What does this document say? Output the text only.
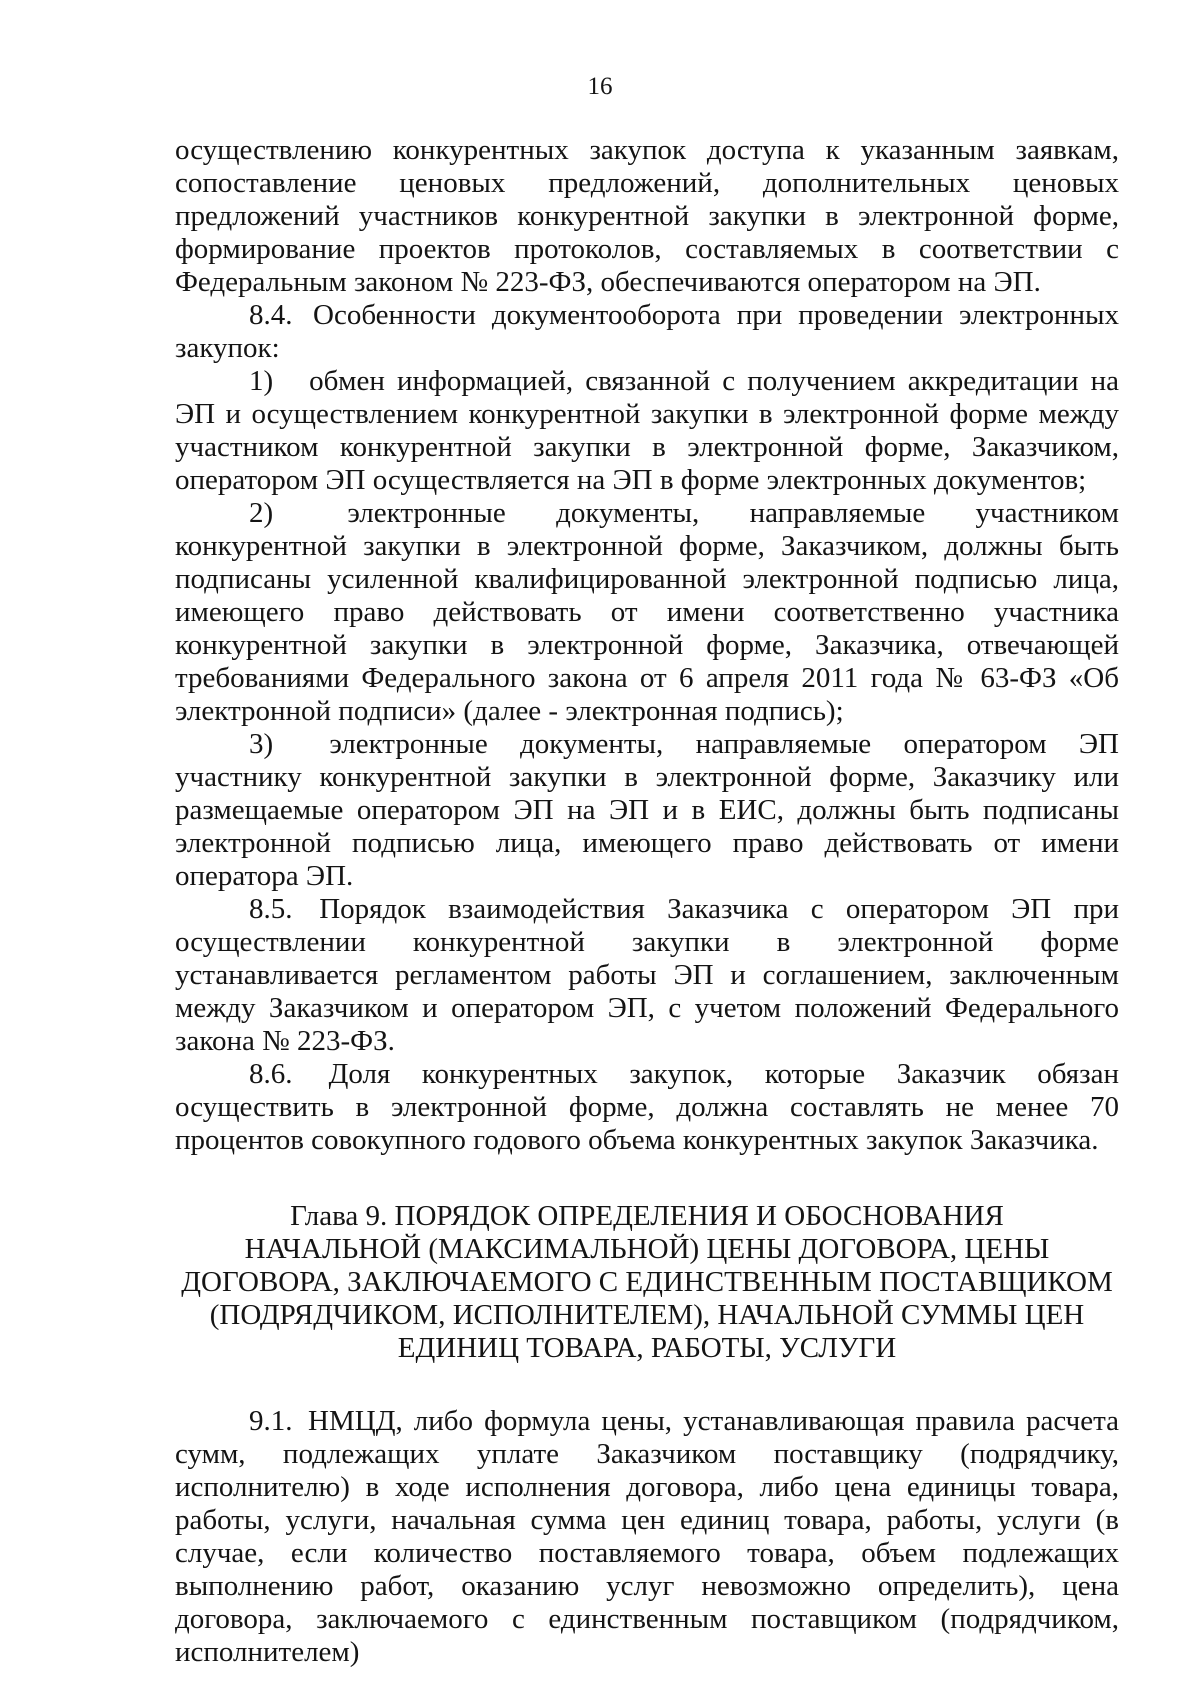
16

осуществлению конкурентных закупок доступа к указанным заявкам, сопоставление ценовых предложений, дополнительных ценовых предложений участников конкурентной закупки в электронной форме, формирование проектов протоколов, составляемых в соответствии с Федеральным законом № 223-ФЗ, обеспечиваются оператором на ЭП.

8.4. Особенности документооборота при проведении электронных закупок:

1) обмен информацией, связанной с получением аккредитации на ЭП и осуществлением конкурентной закупки в электронной форме между участником конкурентной закупки в электронной форме, Заказчиком, оператором ЭП осуществляется на ЭП в форме электронных документов;

2)	электронные документы, направляемые участником конкурентной закупки в электронной форме, Заказчиком, должны быть подписаны усиленной квалифицированной электронной подписью лица, имеющего право действовать от имени соответственно участника конкурентной закупки в электронной форме, Заказчика, отвечающей требованиями Федерального закона от 6 апреля 2011 года № 63-ФЗ «Об электронной подписи» (далее - электронная подпись);

3) электронные документы, направляемые оператором ЭП участнику конкурентной закупки в электронной форме, Заказчику или размещаемые оператором ЭП на ЭП и в ЕИС, должны быть подписаны электронной подписью лица, имеющего право действовать от имени оператора ЭП.

8.5. Порядок взаимодействия Заказчика с оператором ЭП при осуществлении конкурентной закупки в электронной форме устанавливается регламентом работы ЭП и соглашением, заключенным между Заказчиком и оператором ЭП, с учетом положений Федерального закона № 223-ФЗ.

8.6. Доля конкурентных закупок, которые Заказчик обязан осуществить в электронной форме, должна составлять не менее 70 процентов совокупного годового объема конкурентных закупок Заказчика.

Глава 9. ПОРЯДОК ОПРЕДЕЛЕНИЯ И ОБОСНОВАНИЯ
НАЧАЛЬНОЙ (МАКСИМАЛЬНОЙ) ЦЕНЫ ДОГОВОРА, ЦЕНЫ
ДОГОВОРА, ЗАКЛЮЧАЕМОГО С ЕДИНСТВЕННЫМ ПОСТАВЩИКОМ
(ПОДРЯДЧИКОМ, ИСПОЛНИТЕЛЕМ), НАЧАЛЬНОЙ СУММЫ ЦЕН
ЕДИНИЦ ТОВАРА, РАБОТЫ, УСЛУГИ

9.1. НМЦД, либо формула цены, устанавливающая правила расчета сумм, подлежащих уплате Заказчиком поставщику (подрядчику, исполнителю) в ходе исполнения договора, либо цена единицы товара, работы, услуги, начальная сумма цен единиц товара, работы, услуги (в случае, если количество поставляемого товара, объем подлежащих выполнению работ, оказанию услуг невозможно определить), цена договора, заключаемого с единственным поставщиком (подрядчиком, исполнителем)
